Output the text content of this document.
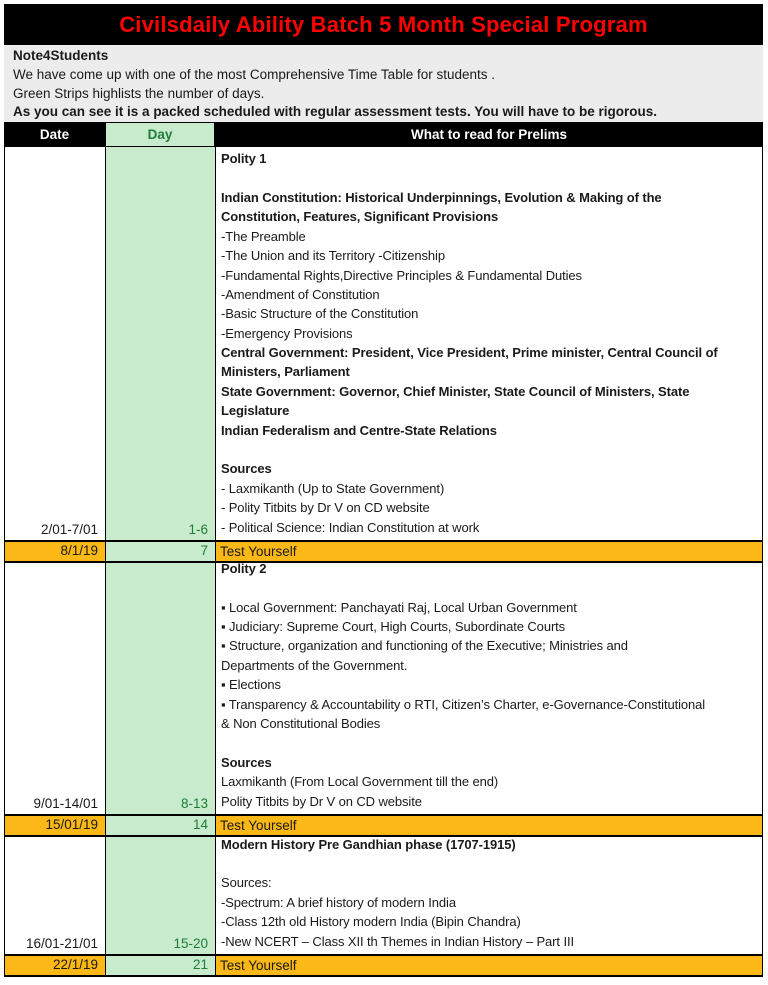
Civilsdaily Ability Batch 5 Month Special Program
Note4Students
We have come up with one of the most Comprehensive Time Table for students .
Green Strips highlists the number of days.
As you can see it is a packed scheduled with regular assessment tests. You will have to be rigorous.
Date	Day	What to read for Prelims
2/01-7/01	1-6
Polity 1

Indian Constitution: Historical Underpinnings, Evolution & Making of the
Constitution, Features, Significant Provisions
-The Preamble
-The Union and its Territory -Citizenship
-Fundamental Rights,Directive Principles & Fundamental Duties
-Amendment of Constitution
-Basic Structure of the Constitution
-Emergency Provisions
Central Government: President, Vice President, Prime minister, Central Council of
Ministers, Parliament
State Government: Governor, Chief Minister, State Council of Ministers, State
Legislature
Indian Federalism and Centre-State Relations

Sources
- Laxmikanth (Up to State Government)
- Polity Titbits by Dr V on CD website
- Political Science: Indian Constitution at work
8/1/19	7 Test Yourself
9/01-14/01	8-13
Polity 2

▪ Local Government: Panchayati Raj, Local Urban Government
▪ Judiciary: Supreme Court, High Courts, Subordinate Courts
▪ Structure, organization and functioning of the Executive; Ministries and
Departments of the Government.
▪ Elections
▪ Transparency & Accountability o RTI, Citizen’s Charter, e-Governance-Constitutional
& Non Constitutional Bodies

Sources
Laxmikanth (From Local Government till the end)
Polity Titbits by Dr V on CD website
15/01/19	14 Test Yourself
16/01-21/01	15-20
Modern History Pre Gandhian phase (1707-1915)

Sources:
-Spectrum: A brief history of modern India
-Class 12th old History modern India (Bipin Chandra)
-New NCERT – Class XII th Themes in Indian History – Part III
22/1/19	21 Test Yourself
